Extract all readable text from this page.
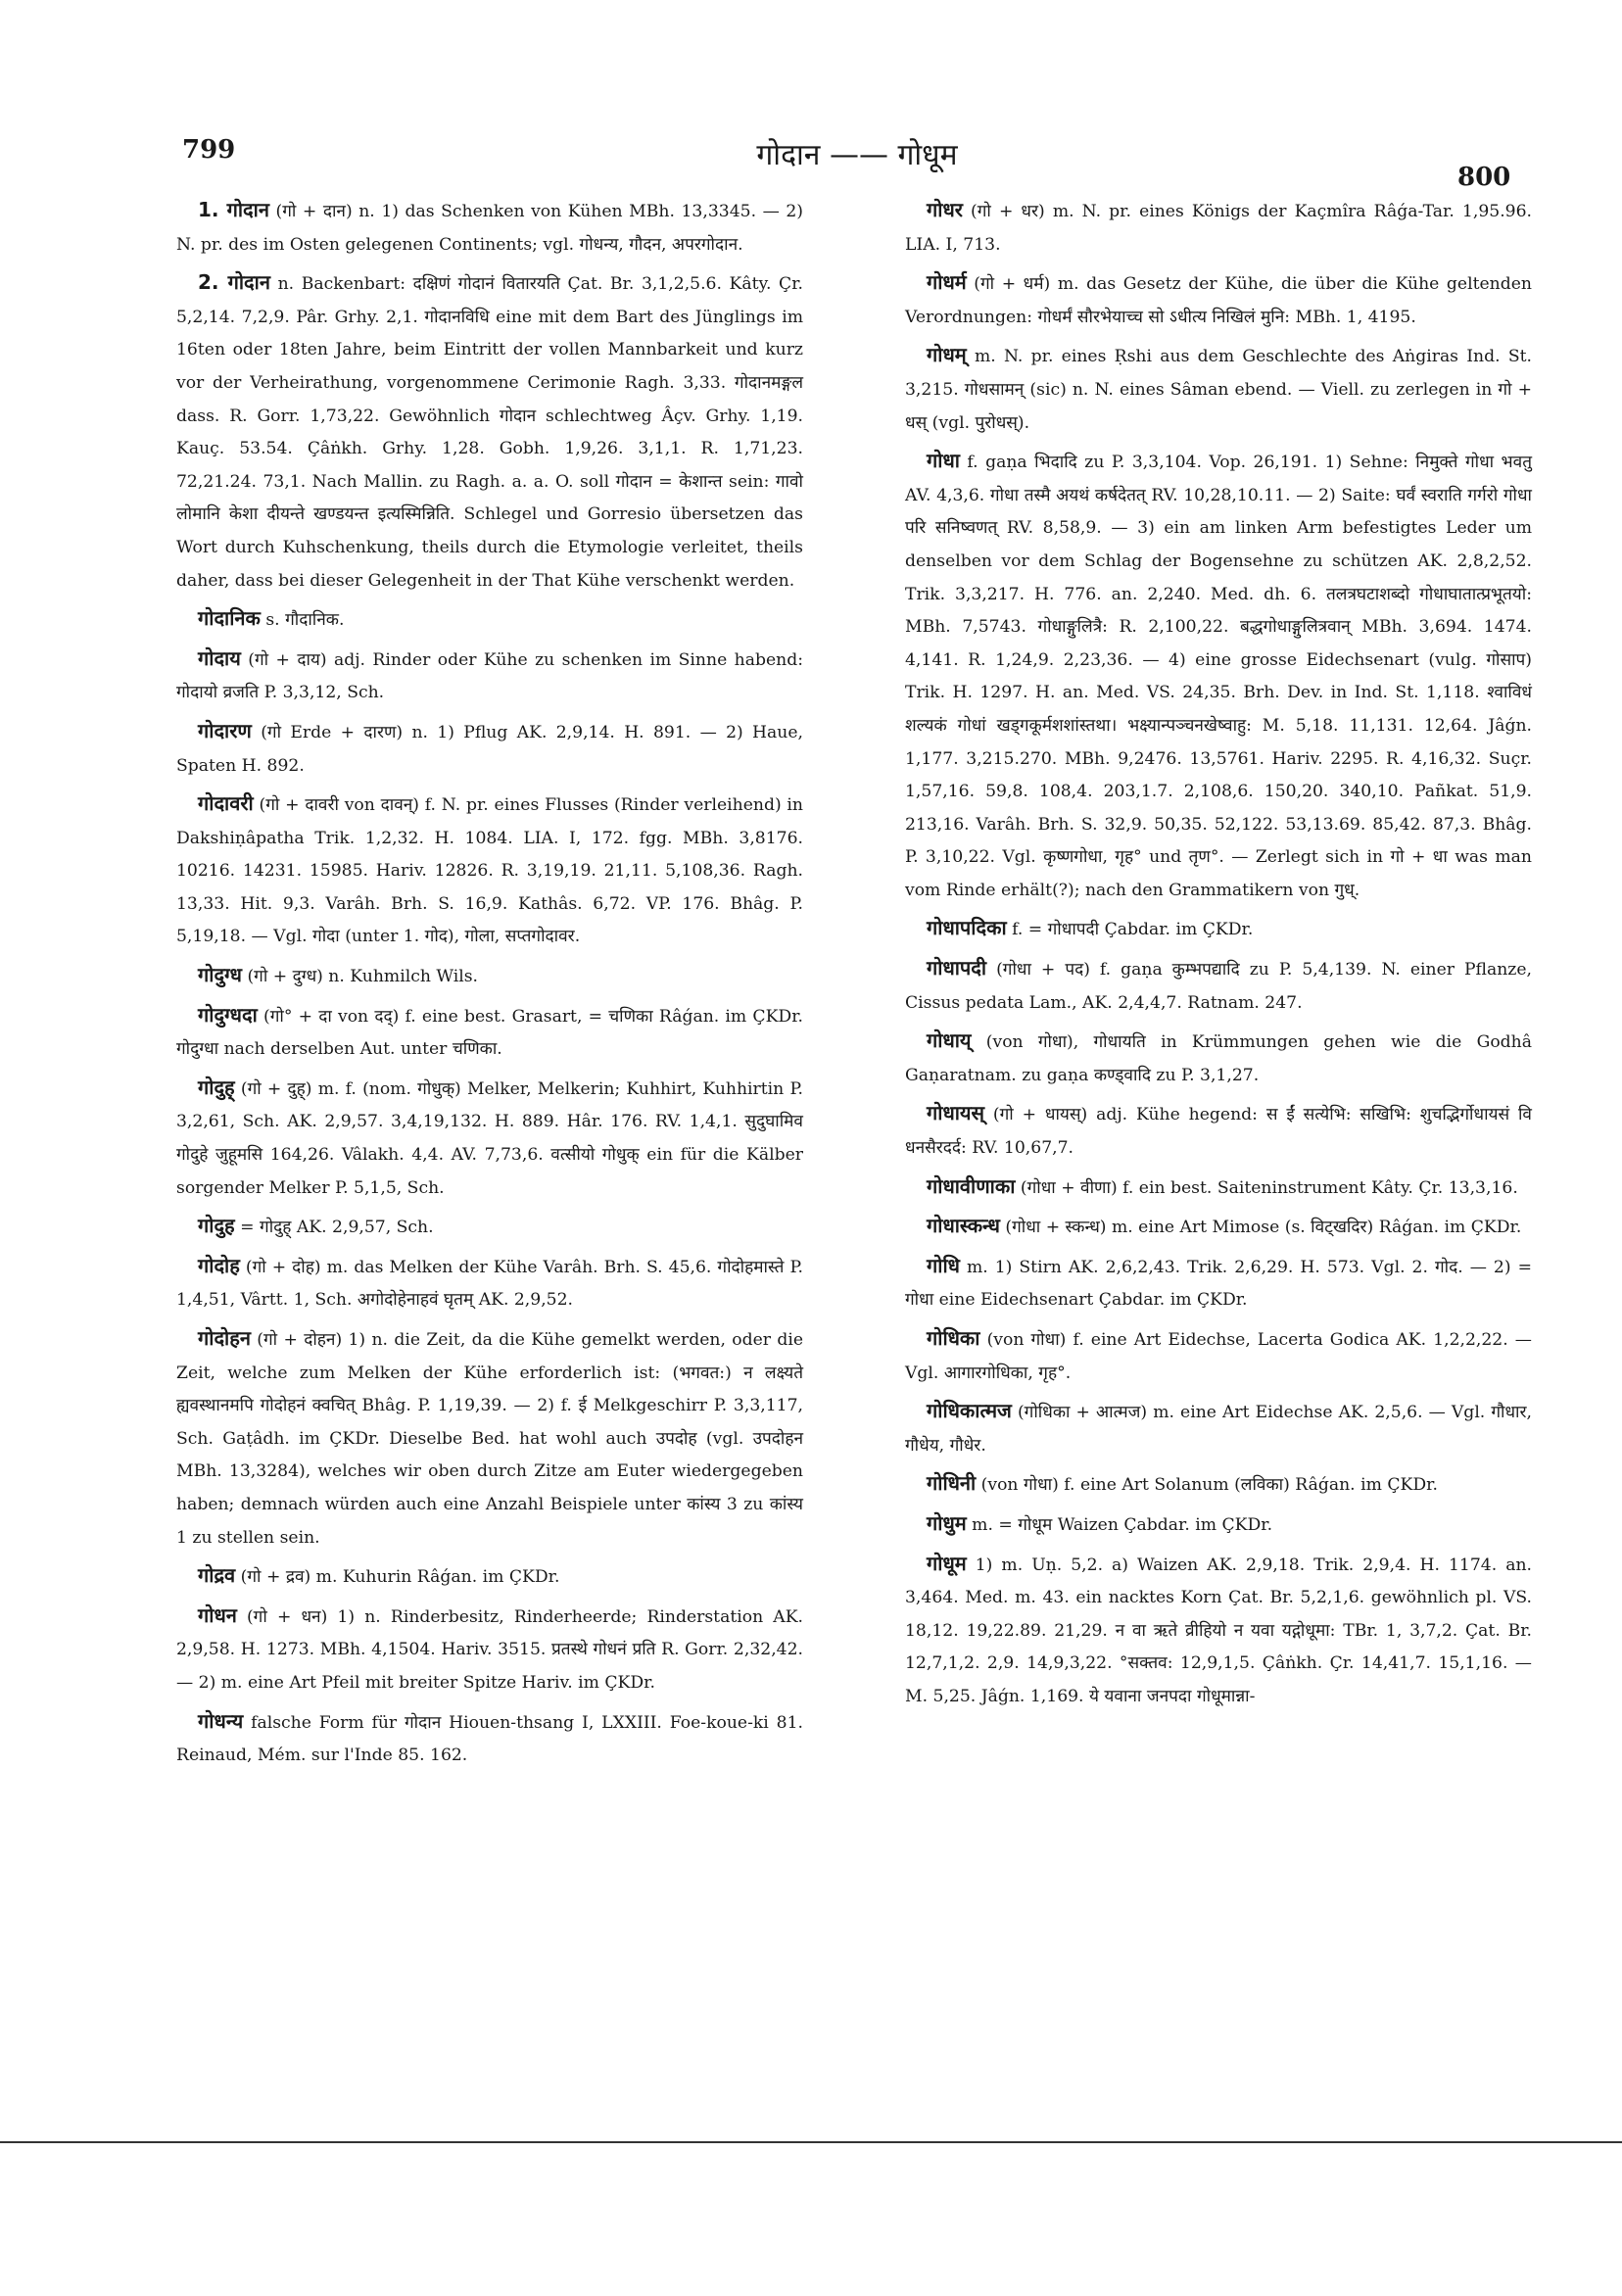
799	गोदान —— गोधूम
800

1. गोदान (गो + दान) n. 1) das Schenken von Kühen MBh. 13,3345. — 2) N. pr. des im Osten gelegenen Continents; vgl. गोधन्य, गौदन, अपरगोदान.

2. गोदान n. Backenbart: दक्षिणं गोदानं वितारयति Çat. Br. 3,1,2,5.6. Kâty. Çr. 5,2,14. 7,2,9. Pâr. Grhy. 2,1. गोदानविधि eine mit dem Bart des Jünglings im 16ten oder 18ten Jahre, beim Eintritt der vollen Mannbarkeit und kurz vor der Verheirathung, vorgenommene Cerimonie Ragh. 3,33. गोदानमङ्गल dass. R. Gorr. 1,73,22. Gewöhnlich गोदान schlechtweg Âçv. Grhy. 1,19. Kauç. 53.54. Çâṅkh. Grhy. 1,28. Gobh. 1,9,26. 3,1,1. R. 1,71,23. 72,21.24. 73,1. Nach Mallin. zu Ragh. a. a. O. soll गोदान = केशान्त sein: गावो लोमानि केशा दीयन्ते खण्डयन्त इत्यस्मिन्निति. Schlegel und Gorresio übersetzen das Wort durch Kuhschenkung, theils durch die Etymologie verleitet, theils daher, dass bei dieser Gelegenheit in der That Kühe verschenkt werden.

गोदानिक s. गौदानिक.

गोदाय (गो + दाय) adj. Rinder oder Kühe zu schenken im Sinne habend: गोदायो व्रजति P. 3,3,12, Sch.

गोदारण (गो Erde + दारण) n. 1) Pflug AK. 2,9,14. H. 891. — 2) Haue, Spaten H. 892.

गोदावरी (गो + दावरी von दावन्) f. N. pr. eines Flusses (Rinder verleihend) in Dakshiṇâpatha Trik. 1,2,32. H. 1084. LIA. I, 172. fgg. MBh. 3,8176. 10216. 14231. 15985. Hariv. 12826. R. 3,19,19. 21,11. 5,108,36. Ragh. 13,33. Hit. 9,3. Varâh. Brh. S. 16,9. Kathâs. 6,72. VP. 176. Bhâg. P. 5,19,18. — Vgl. गोदा (unter 1. गोद), गोला, सप्तगोदावर.

गोदुग्ध (गो + दुग्ध) n. Kuhmilch Wils.

गोदुग्धदा (गो° + दा von दद्) f. eine best. Grasart, = चणिका Râǵan. im ÇKDr. गोदुग्धा nach derselben Aut. unter चणिका.

गोदुह् (गो + दुह्) m. f. (nom. गोधुक्) Melker, Melkerin; Kuhhirt, Kuhhirtin P. 3,2,61, Sch. AK. 2,9,57. 3,4,19,132. H. 889. Hâr. 176. RV. 1,4,1. सुदुघामिव गोदुहे जुहूमसि 164,26. Vâlakh. 4,4. AV. 7,73,6. वत्सीयो गोधुक् ein für die Kälber sorgender Melker P. 5,1,5, Sch.

गोदुह = गोदुह् AK. 2,9,57, Sch.

गोदोह (गो + दोह) m. das Melken der Kühe Varâh. Brh. S. 45,6. गोदोहमास्ते P. 1,4,51, Vârtt. 1, Sch. अगोदोहेनाहवं घृतम् AK. 2,9,52.

गोदोहन (गो + दोहन) 1) n. die Zeit, da die Kühe gemelkt werden, oder die Zeit, welche zum Melken der Kühe erforderlich ist: (भगवत:) न लक्ष्यते ह्यवस्थानमपि गोदोहनं क्वचित् Bhâg. P. 1,19,39. — 2) f. ई Melkgeschirr P. 3,3,117, Sch. Gaṭâdh. im ÇKDr. Dieselbe Bed. hat wohl auch उपदोह (vgl. उपदोहन MBh. 13,3284), welches wir oben durch Zitze am Euter wiedergegeben haben; demnach würden auch eine Anzahl Beispiele unter कांस्य 3 zu कांस्य 1 zu stellen sein.

गोद्रव (गो + द्रव) m. Kuhurin Râǵan. im ÇKDr.

गोधन (गो + धन) 1) n. Rinderbesitz, Rinderheerde; Rinderstation AK. 2,9,58. H. 1273. MBh. 4,1504. Hariv. 3515. प्रतस्थे गोधनं प्रति R. Gorr. 2,32,42. — 2) m. eine Art Pfeil mit breiter Spitze Hariv. im ÇKDr.

गोधन्य falsche Form für गोदान Hiouen-thsang I, LXXIII. Foe-koue-ki 81. Reinaud, Mém. sur l'Inde 85. 162.

गोधर (गो + धर) m. N. pr. eines Königs der Kaçmîra Râǵa-Tar. 1,95.96. LIA. I, 713.

गोधर्म (गो + धर्म) m. das Gesetz der Kühe, die über die Kühe geltenden Verordnungen: गोधर्मं सौरभेयाच्च सो ऽधीत्य निखिलं मुनि: MBh. 1, 4195.

गोधम् m. N. pr. eines Ṛshi aus dem Geschlechte des Aṅgiras Ind. St. 3,215. गोधसामन् (sic) n. N. eines Sâman ebend. — Viell. zu zerlegen in गो + धस् (vgl. पुरोधस्).

गोधा f. gaṇa भिदादि zu P. 3,3,104. Vop. 26,191. 1) Sehne: निमुक्ते गोधा भवतु AV. 4,3,6. गोधा तस्मै अयथं कर्षदेतत् RV. 10,28,10.11. — 2) Saite: घर्वं स्वराति गर्गरो गोधा परि सनिष्वणत् RV. 8,58,9. — 3) ein am linken Arm befestigtes Leder um denselben vor dem Schlag der Bogensehne zu schützen AK. 2,8,2,52. Trik. 3,3,217. H. 776. an. 2,240. Med. dh. 6. तलत्रघटाशब्दो गोधाघातात्प्रभूतयो: MBh. 7,5743. गोधाङ्गुलित्रै: R. 2,100,22. बद्धगोधाङ्गुलित्रवान् MBh. 3,694. 1474. 4,141. R. 1,24,9. 2,23,36. — 4) eine grosse Eidechsenart (vulg. गोसाप) Trik. H. 1297. H. an. Med. VS. 24,35. Brh. Dev. in Ind. St. 1,118. श्वाविधं शल्यकं गोधां खड्गकूर्मशशांस्तथा। भक्ष्यान्पञ्चनखेष्वाहु: M. 5,18. 11,131. 12,64. Jâǵn. 1,177. 3,215.270. MBh. 9,2476. 13,5761. Hariv. 2295. R. 4,16,32. Suçr. 1,57,16. 59,8. 108,4. 203,1.7. 2,108,6. 150,20. 340,10. Pañkat. 51,9. 213,16. Varâh. Brh. S. 32,9. 50,35. 52,122. 53,13.69. 85,42. 87,3. Bhâg. P. 3,10,22. Vgl. कृष्णगोधा, गृह° und तृण°. — Zerlegt sich in गो + धा was man vom Rinde erhält(?); nach den Grammatikern von गुध्.

गोधापदिका f. = गोधापदी Çabdar. im ÇKDr.

गोधापदी (गोधा + पद) f. gaṇa कुम्भपद्यादि zu P. 5,4,139. N. einer Pflanze, Cissus pedata Lam., AK. 2,4,4,7. Ratnam. 247.

गोधाय् (von गोधा), गोधायति in Krümmungen gehen wie die Godhâ Gaṇaratnam. zu gaṇa कण्ड्वादि zu P. 3,1,27.

गोधायस् (गो + धायस्) adj. Kühe hegend: स ईं सत्येभि: सखिभि: शुचद्भिर्गोधायसं वि धनसैरदर्द: RV. 10,67,7.

गोधावीणाका (गोधा + वीणा) f. ein best. Saiteninstrument Kâty. Çr. 13,3,16.

गोधास्कन्ध (गोधा + स्कन्ध) m. eine Art Mimose (s. विट्खदिर) Râǵan. im ÇKDr.

गोधि m. 1) Stirn AK. 2,6,2,43. Trik. 2,6,29. H. 573. Vgl. 2. गोद. — 2) = गोधा eine Eidechsenart Çabdar. im ÇKDr.

गोधिका (von गोधा) f. eine Art Eidechse, Lacerta Godica AK. 1,2,2,22. — Vgl. आगारगोधिका, गृह°.

गोधिकात्मज (गोधिका + आत्मज) m. eine Art Eidechse AK. 2,5,6. — Vgl. गौधार, गौधेय, गौधेर.

गोधिनी (von गोधा) f. eine Art Solanum (लविका) Râǵan. im ÇKDr.

गोधुम m. = गोधूम Waizen Çabdar. im ÇKDr.

गोधूम 1) m. Uṇ. 5,2. a) Waizen AK. 2,9,18. Trik. 2,9,4. H. 1174. an. 3,464. Med. m. 43. ein nacktes Korn Çat. Br. 5,2,1,6. gewöhnlich pl. VS. 18,12. 19,22.89. 21,29. न वा ऋते व्रीहियो न यवा यद्गोधूमा: TBr. 1, 3,7,2. Çat. Br. 12,7,1,2. 2,9. 14,9,3,22. °सक्तव: 12,9,1,5. Çâṅkh. Çr. 14,41,7. 15,1,16. — M. 5,25. Jâǵn. 1,169. ये यवाना जनपदा गोधूमान्ना-
